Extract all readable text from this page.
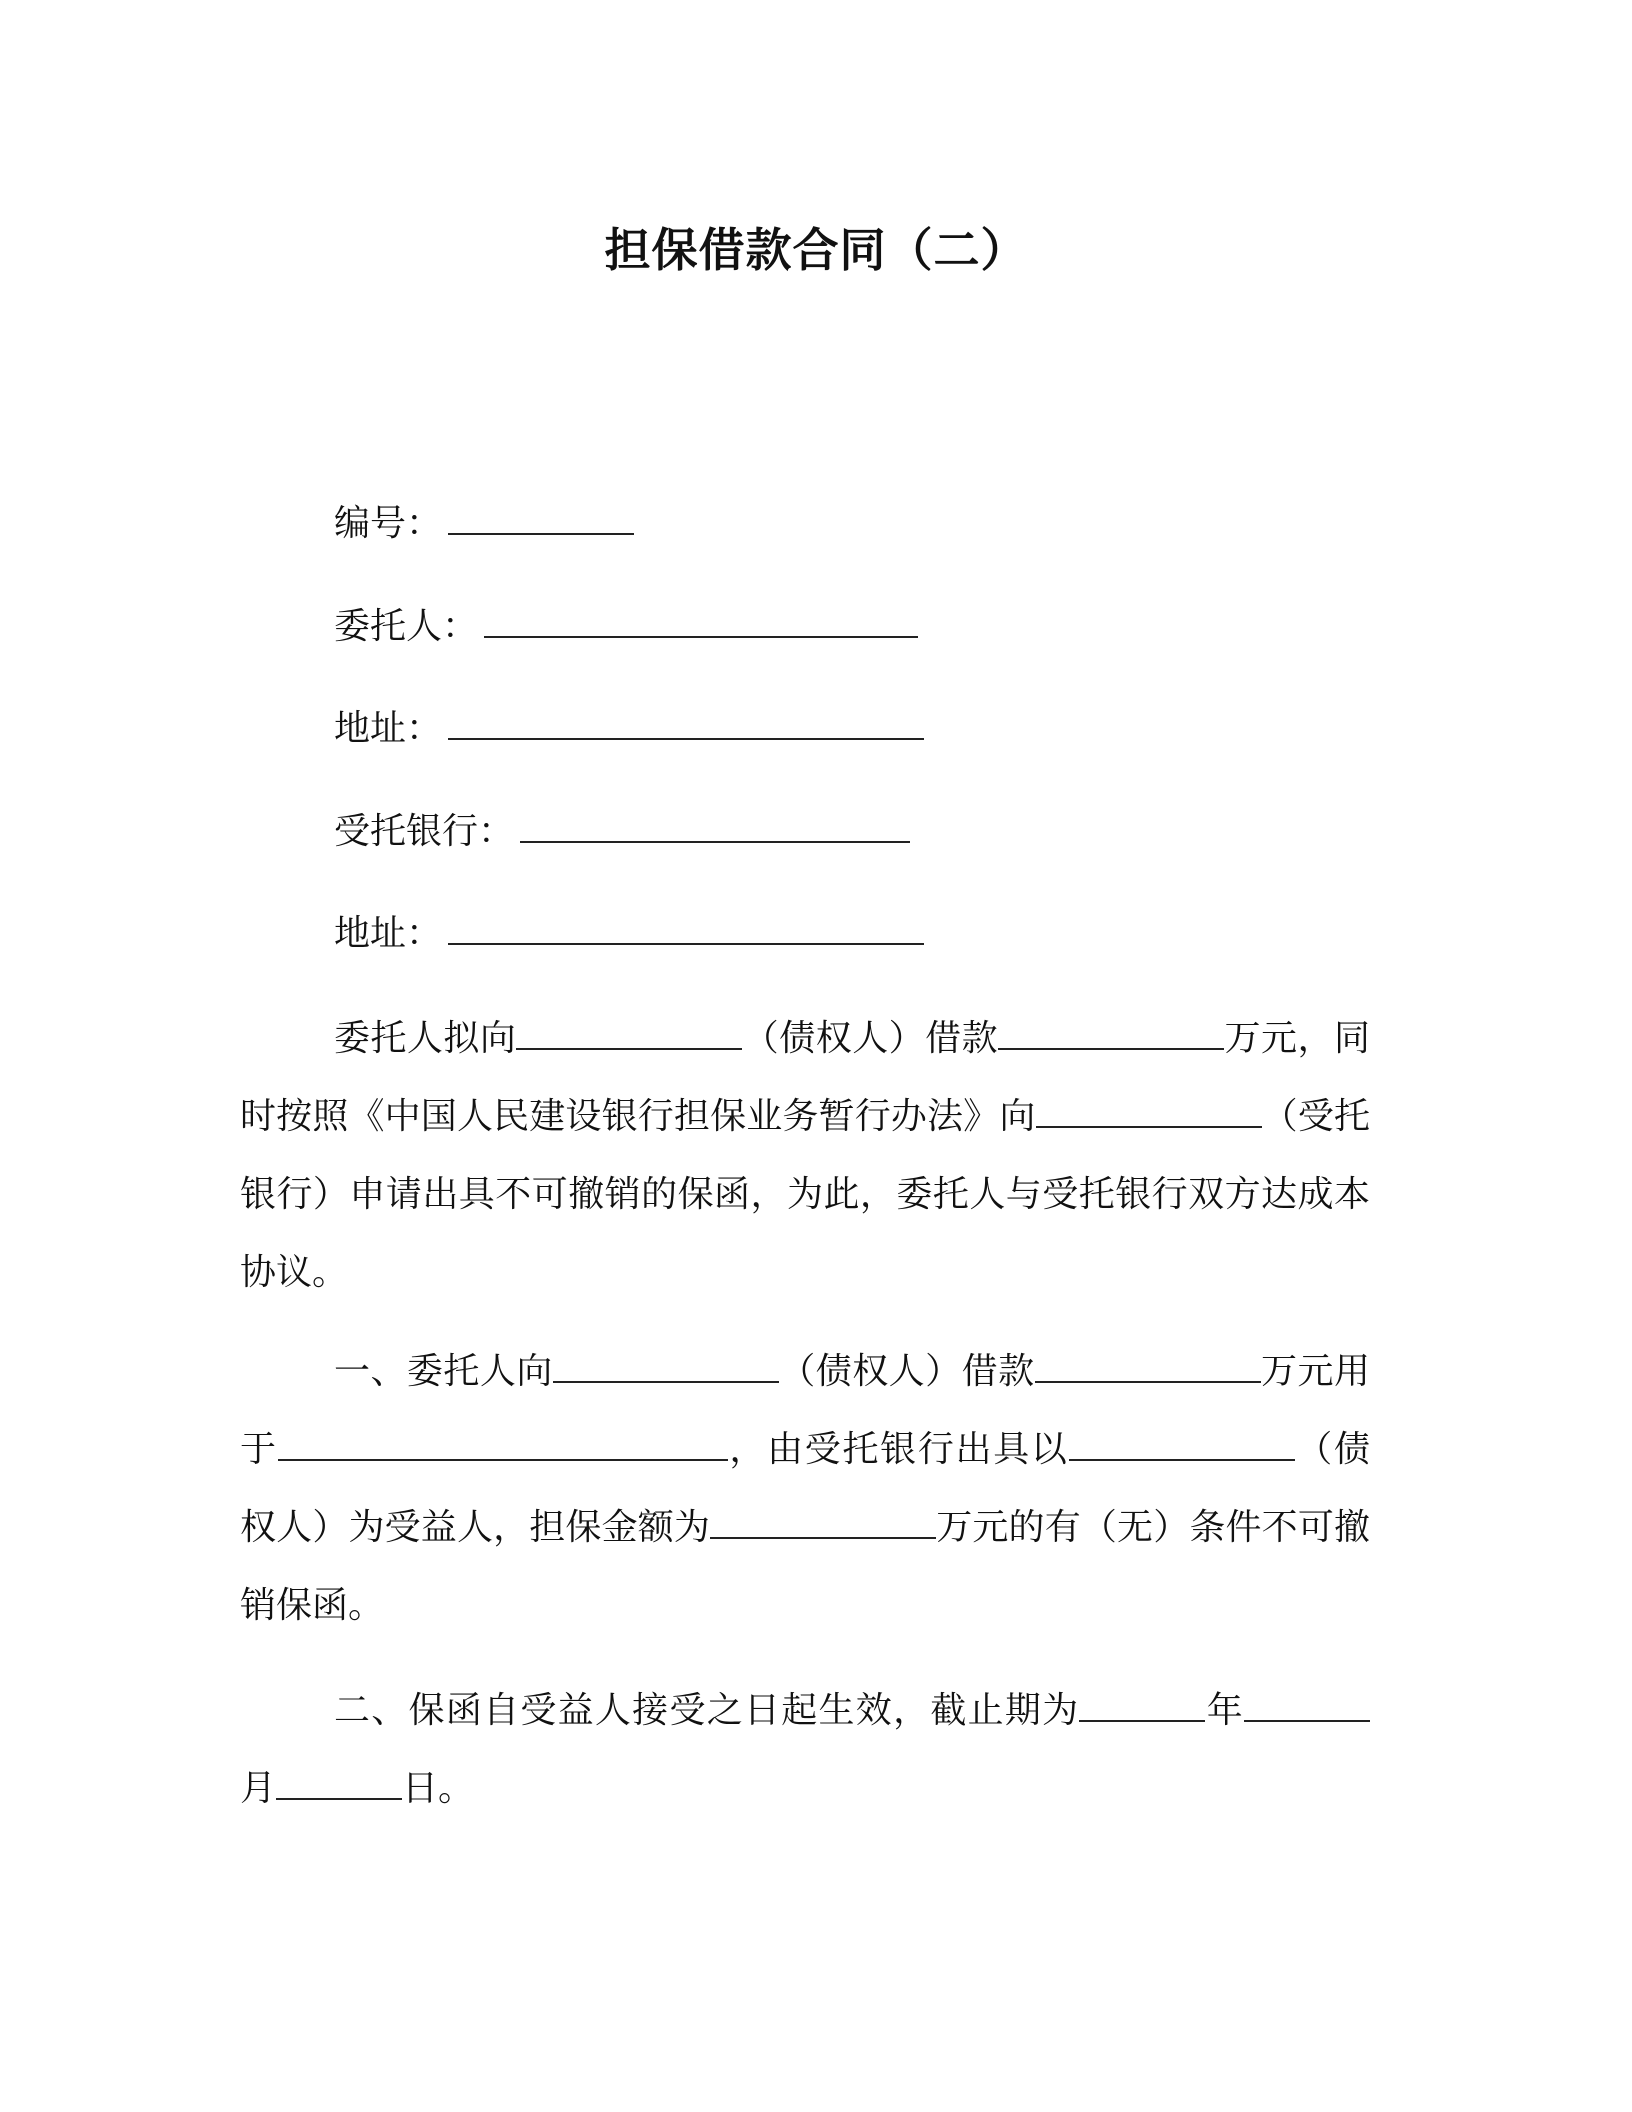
担保借款合同（二）
编号：
委托人：
地址：
受托银行：
地址：
委托人拟向	（债权人）借款	万元，同时按照《中国人民建设银行担保业务暂行办法》向	（受托银行）申请出具不可撤销的保函，为此，委托人与受托银行双方达成本协议。
一、委托人向	（债权人）借款	万元用于	，由受托银行出具以	（债权人）为受益人，担保金额为	万元的有（无）条件不可撤销保函。
二、保函自受益人接受之日起生效，截止期为	年月	日。
